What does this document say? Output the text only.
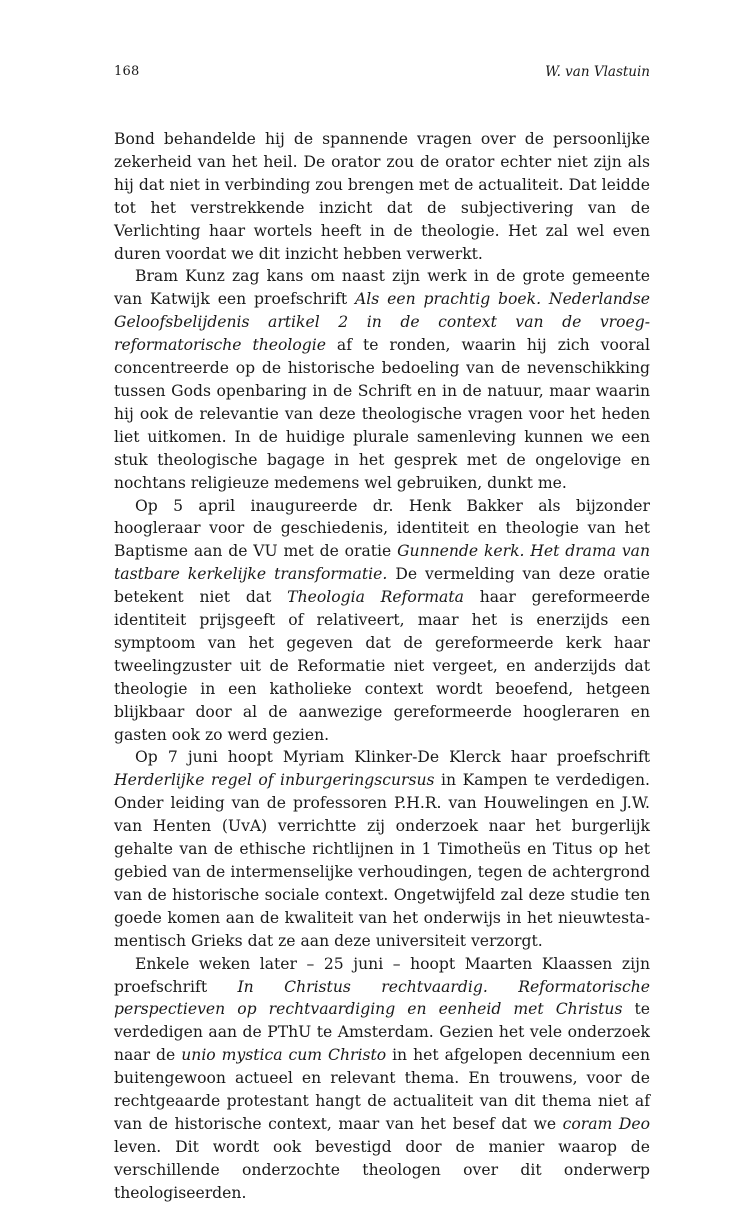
168	W. van Vlastuin

Bond behandelde hij de spannende vragen over de persoonlijke zekerheid van het heil. De orator zou de orator echter niet zijn als hij dat niet in verbinding zou brengen met de actualiteit. Dat leidde tot het verstrekkende inzicht dat de subjectivering van de Verlichting haar wortels heeft in de theologie. Het zal wel even duren voordat we dit inzicht hebben verwerkt.

Bram Kunz zag kans om naast zijn werk in de grote gemeente van Katwijk een proefschrift Als een prachtig boek. Nederlandse Geloofsbelijdenis artikel 2 in de context van de vroeg-reformatorische theologie af te ronden, waarin hij zich vooral concentreerde op de historische bedoeling van de nevenschikking tussen Gods openbaring in de Schrift en in de natuur, maar waarin hij ook de relevantie van deze theologische vragen voor het heden liet uitkomen. In de huidige plurale samenleving kunnen we een stuk theologische bagage in het gesprek met de ongelovige en nochtans religieuze medemens wel gebruiken, dunkt me.

Op 5 april inaugureerde dr. Henk Bakker als bijzonder hoogleraar voor de geschiedenis, identiteit en theologie van het Baptisme aan de VU met de oratie Gunnende kerk. Het drama van tastbare kerkelijke transformatie. De vermelding van deze oratie betekent niet dat Theologia Reformata haar gereformeerde identiteit prijsgeeft of relativeert, maar het is enerzijds een symptoom van het gegeven dat de gereformeerde kerk haar tweelingzuster uit de Reformatie niet vergeet, en anderzijds dat theologie in een katholieke context wordt beoefend, hetgeen blijkbaar door al de aanwezige gereformeerde hoogleraren en gasten ook zo werd gezien.

Op 7 juni hoopt Myriam Klinker-De Klerck haar proefschrift Herderlijke regel of inburgeringscursus in Kampen te verdedigen. Onder leiding van de professoren P.H.R. van Houwelingen en J.W. van Henten (UvA) verrichtte zij onderzoek naar het burgerlijk gehalte van de ethische richtlijnen in 1 Timotheüs en Titus op het gebied van de intermenselijke verhoudingen, tegen de achtergrond van de historische sociale context. Ongetwijfeld zal deze studie ten goede komen aan de kwaliteit van het onderwijs in het nieuwtestamentisch Grieks dat ze aan deze universiteit verzorgt.

Enkele weken later – 25 juni – hoopt Maarten Klaassen zijn proefschrift In Christus rechtvaardig. Reformatorische perspectieven op rechtvaardiging en eenheid met Christus te verdedigen aan de PThU te Amsterdam. Gezien het vele onderzoek naar de unio mystica cum Christo in het afgelopen decennium een buitengewoon actueel en relevant thema. En trouwens, voor de rechtgeaarde protestant hangt de actualiteit van dit thema niet af van de historische context, maar van het besef dat we coram Deo leven. Dit wordt ook bevestigd door de manier waarop de verschillende onderzochte theologen over dit onderwerp theologiseerden.
